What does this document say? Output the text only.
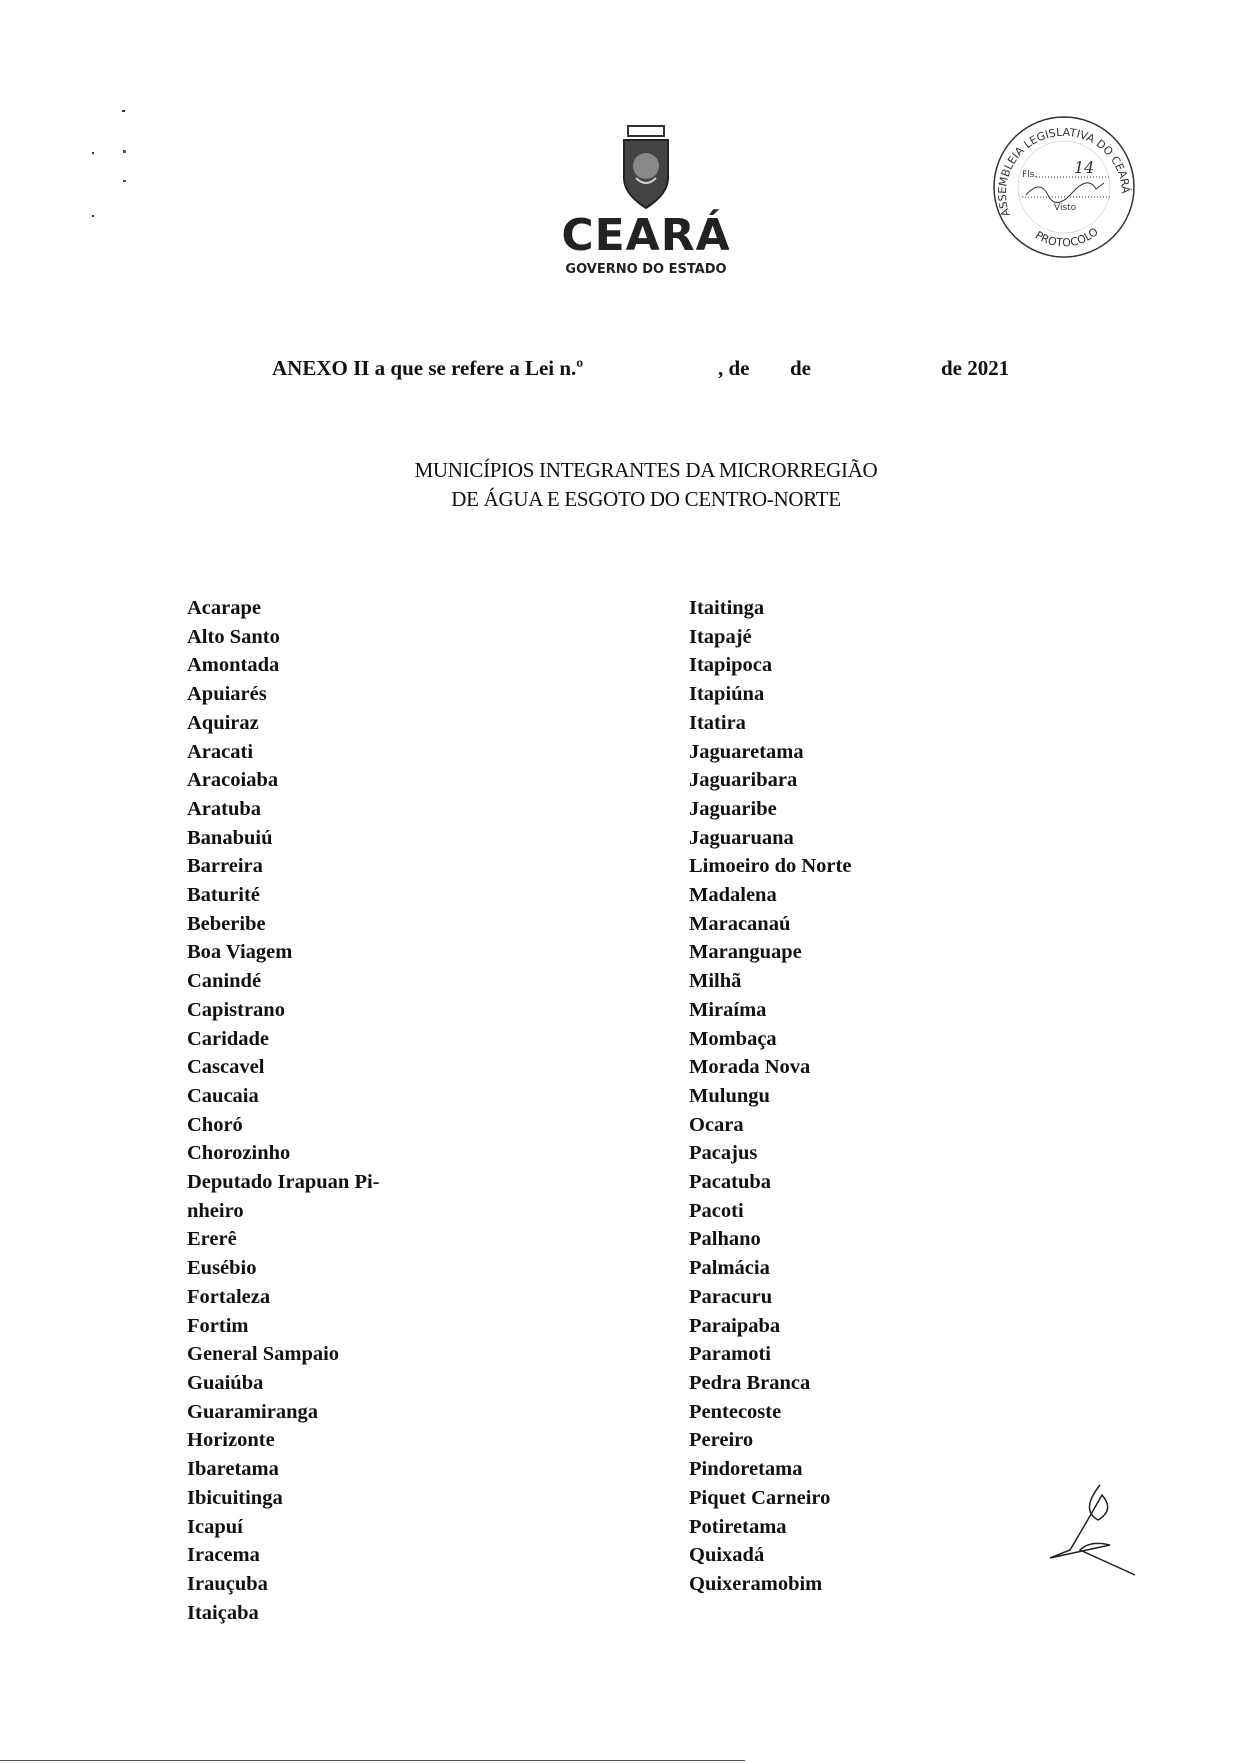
CEARÁ
GOVERNO DO ESTADO
ASSEMBLEIA LEGISLATIVA DO CEARÁ
PROTOCOLO
Fls. 14
Visto
ANEXO II a que se refere a Lei n.º	, de de	de 2021
MUNICÍPIOS INTEGRANTES DA MICRORREGIÃO
DE ÁGUA E ESGOTO DO CENTRO-NORTE
Acarape
Alto Santo
Amontada
Apuiarés
Aquiraz
Aracati
Aracoiaba
Aratuba
Banabuiú
Barreira
Baturité
Beberibe
Boa Viagem
Canindé
Capistrano
Caridade
Cascavel
Caucaia
Choró
Chorozinho
Deputado Irapuan Pi-
nheiro
Ererê
Eusébio
Fortaleza
Fortim
General Sampaio
Guaiúba
Guaramiranga
Horizonte
Ibaretama
Ibicuitinga
Icapuí
Iracema
Irauçuba
Itaiçaba
Itaitinga
Itapajé
Itapipoca
Itapiúna
Itatira
Jaguaretama
Jaguaribara
Jaguaribe
Jaguaruana
Limoeiro do Norte
Madalena
Maracanaú
Maranguape
Milhã
Miraíma
Mombaça
Morada Nova
Mulungu
Ocara
Pacajus
Pacatuba
Pacoti
Palhano
Palmácia
Paracuru
Paraipaba
Paramoti
Pedra Branca
Pentecoste
Pereiro
Pindoretama
Piquet Carneiro
Potiretama
Quixadá
Quixeramobim
